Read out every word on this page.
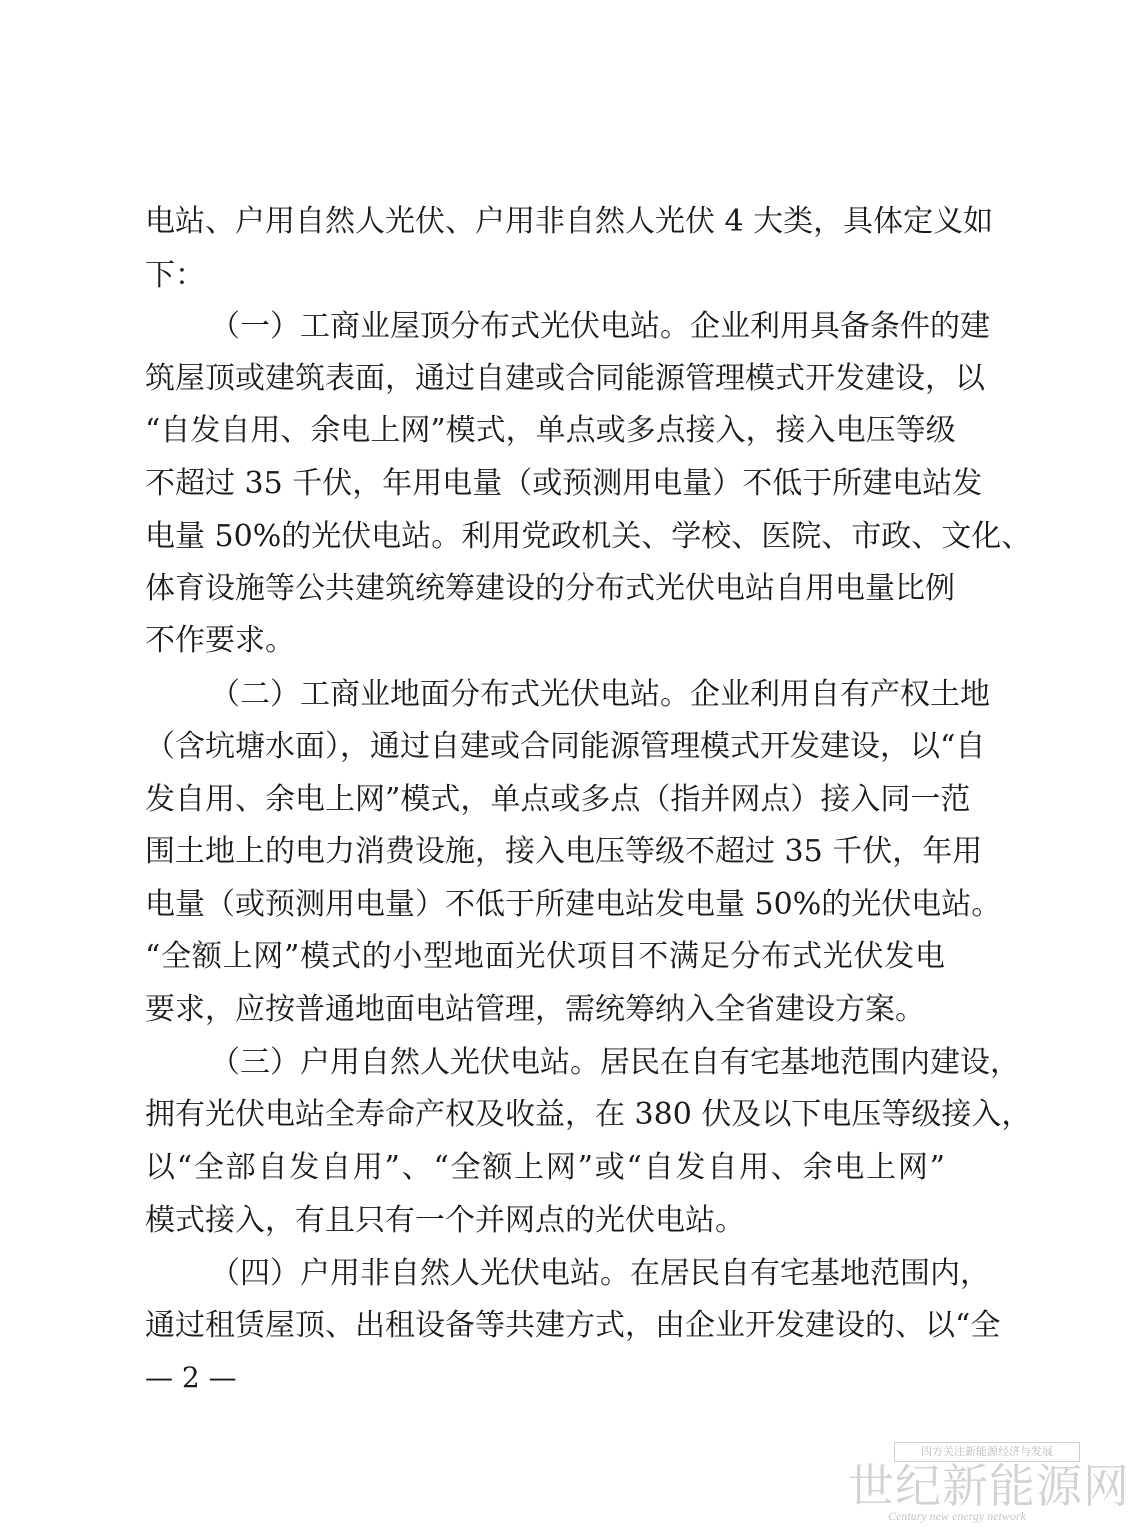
电站、户用自然人光伏、户用非自然人光伏 4 大类，具体定义如
下：
（一）工商业屋顶分布式光伏电站。企业利用具备条件的建
筑屋顶或建筑表面，通过自建或合同能源管理模式开发建设，以
“自发自用、余电上网”模式，单点或多点接入，接入电压等级
不超过 35 千伏，年用电量（或预测用电量）不低于所建电站发
电量 50%的光伏电站。利用党政机关、学校、医院、市政、文化、
体育设施等公共建筑统筹建设的分布式光伏电站自用电量比例
不作要求。
（二）工商业地面分布式光伏电站。企业利用自有产权土地
（含坑塘水面），通过自建或合同能源管理模式开发建设，以“自
发自用、余电上网”模式，单点或多点（指并网点）接入同一范
围土地上的电力消费设施，接入电压等级不超过 35 千伏，年用
电量（或预测用电量）不低于所建电站发电量 50%的光伏电站。
“全额上网”模式的小型地面光伏项目不满足分布式光伏发电
要求，应按普通地面电站管理，需统筹纳入全省建设方案。
（三）户用自然人光伏电站。居民在自有宅基地范围内建设，
拥有光伏电站全寿命产权及收益，在 380 伏及以下电压等级接入，
以“全部自发自用”、“全额上网”或“自发自用、余电上网”
模式接入，有且只有一个并网点的光伏电站。
（四）户用非自然人光伏电站。在居民自有宅基地范围内，
通过租赁屋顶、出租设备等共建方式，由企业开发建设的、以“全
— 2 —
四方关注新能源经济与发展
世纪新能源网
Century new energy network
